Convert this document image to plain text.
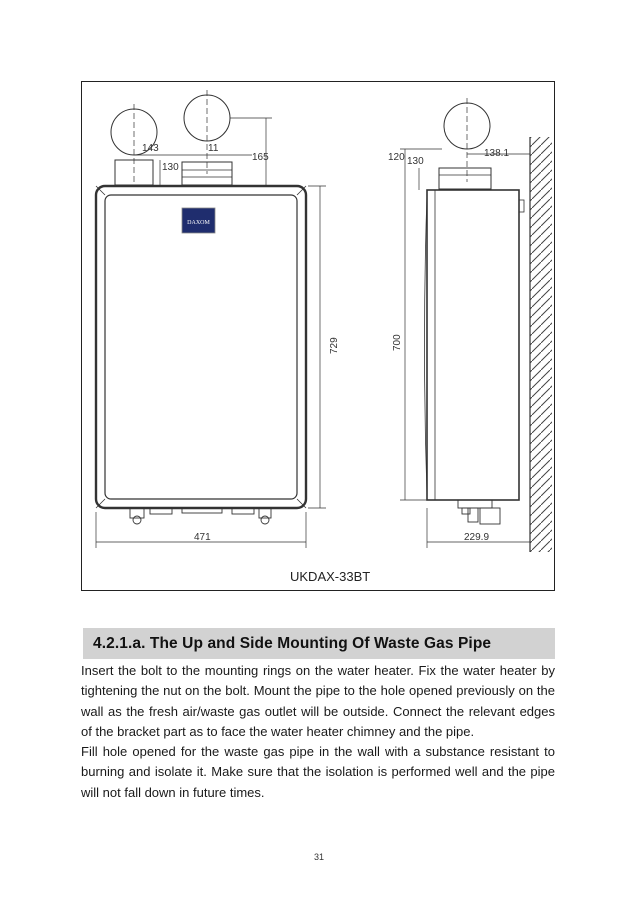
DAXOM
143	11
130
165
471
729
120 130
138.1
229.9
700
UKDAX-33BT
4.2.1.a. The Up and Side Mounting Of Waste Gas Pipe

Insert the bolt to the mounting rings on the water heater. Fix the water heater by tightening the nut on the bolt. Mount the pipe to the hole opened previously on the wall as the fresh air/waste gas outlet will be outside. Connect the relevant edges of the bracket part as to face the water heater chimney and the pipe.

Fill hole opened for the waste gas pipe in the wall with a substance resistant to burning and isolate it. Make sure that the isolation is performed well and the pipe will not fall down in future times.

31
